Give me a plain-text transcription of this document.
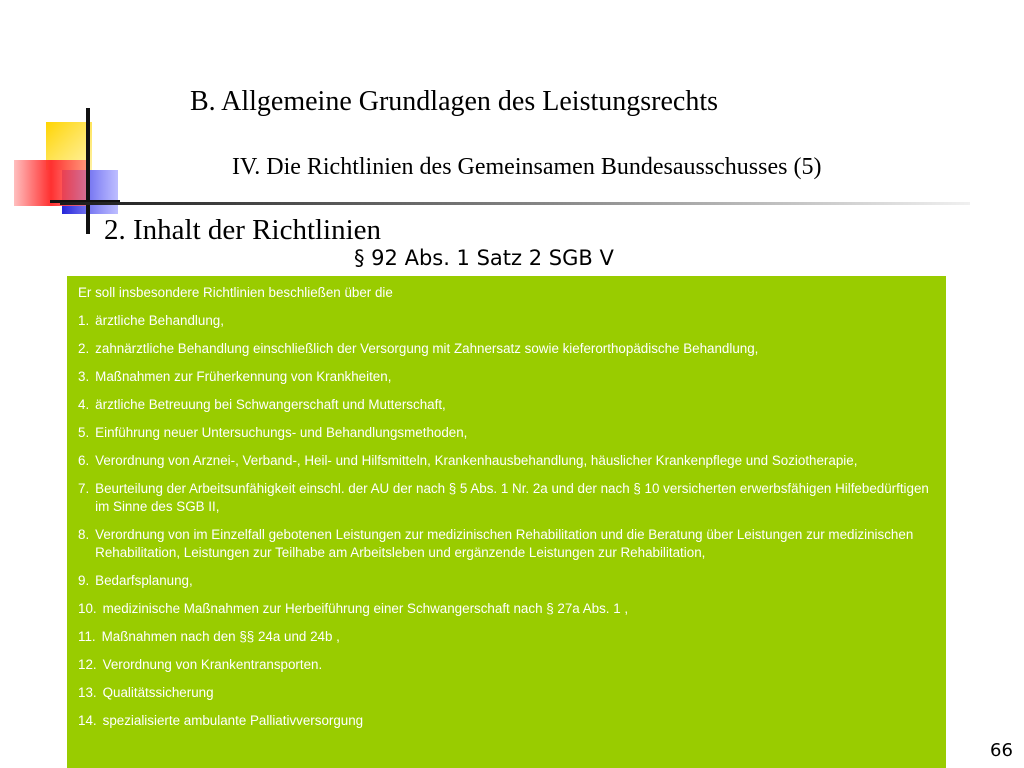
B. Allgemeine Grundlagen des Leistungsrechts
IV. Die Richtlinien des Gemeinsamen Bundesausschusses (5)
2. Inhalt der Richtlinien
§ 92 Abs. 1 Satz 2 SGB V
Er soll insbesondere Richtlinien beschließen über die
1. ärztliche Behandlung,
2. zahnärztliche Behandlung einschließlich der Versorgung mit Zahnersatz sowie kieferorthopädische Behandlung,
3. Maßnahmen zur Früherkennung von Krankheiten,
4. ärztliche Betreuung bei Schwangerschaft und Mutterschaft,
5. Einführung neuer Untersuchungs- und Behandlungsmethoden,
6. Verordnung von Arznei-, Verband-, Heil- und Hilfsmitteln, Krankenhausbehandlung, häuslicher Krankenpflege und Soziotherapie,
7. Beurteilung der Arbeitsunfähigkeit einschl. der AU der nach § 5 Abs. 1 Nr. 2a und der nach § 10 versicherten erwerbsfähigen Hilfebedürftigen im Sinne des SGB II,
8. Verordnung von im Einzelfall gebotenen Leistungen zur medizinischen Rehabilitation und die Beratung über Leistungen zur medizinischen Rehabilitation, Leistungen zur Teilhabe am Arbeitsleben und ergänzende Leistungen zur Rehabilitation,
9. Bedarfsplanung,
10. medizinische Maßnahmen zur Herbeiführung einer Schwangerschaft nach § 27a Abs. 1 ,
11. Maßnahmen nach den §§ 24a und 24b ,
12. Verordnung von Krankentransporten.
13. Qualitätssicherung
14. spezialisierte ambulante Palliativversorgung
66
